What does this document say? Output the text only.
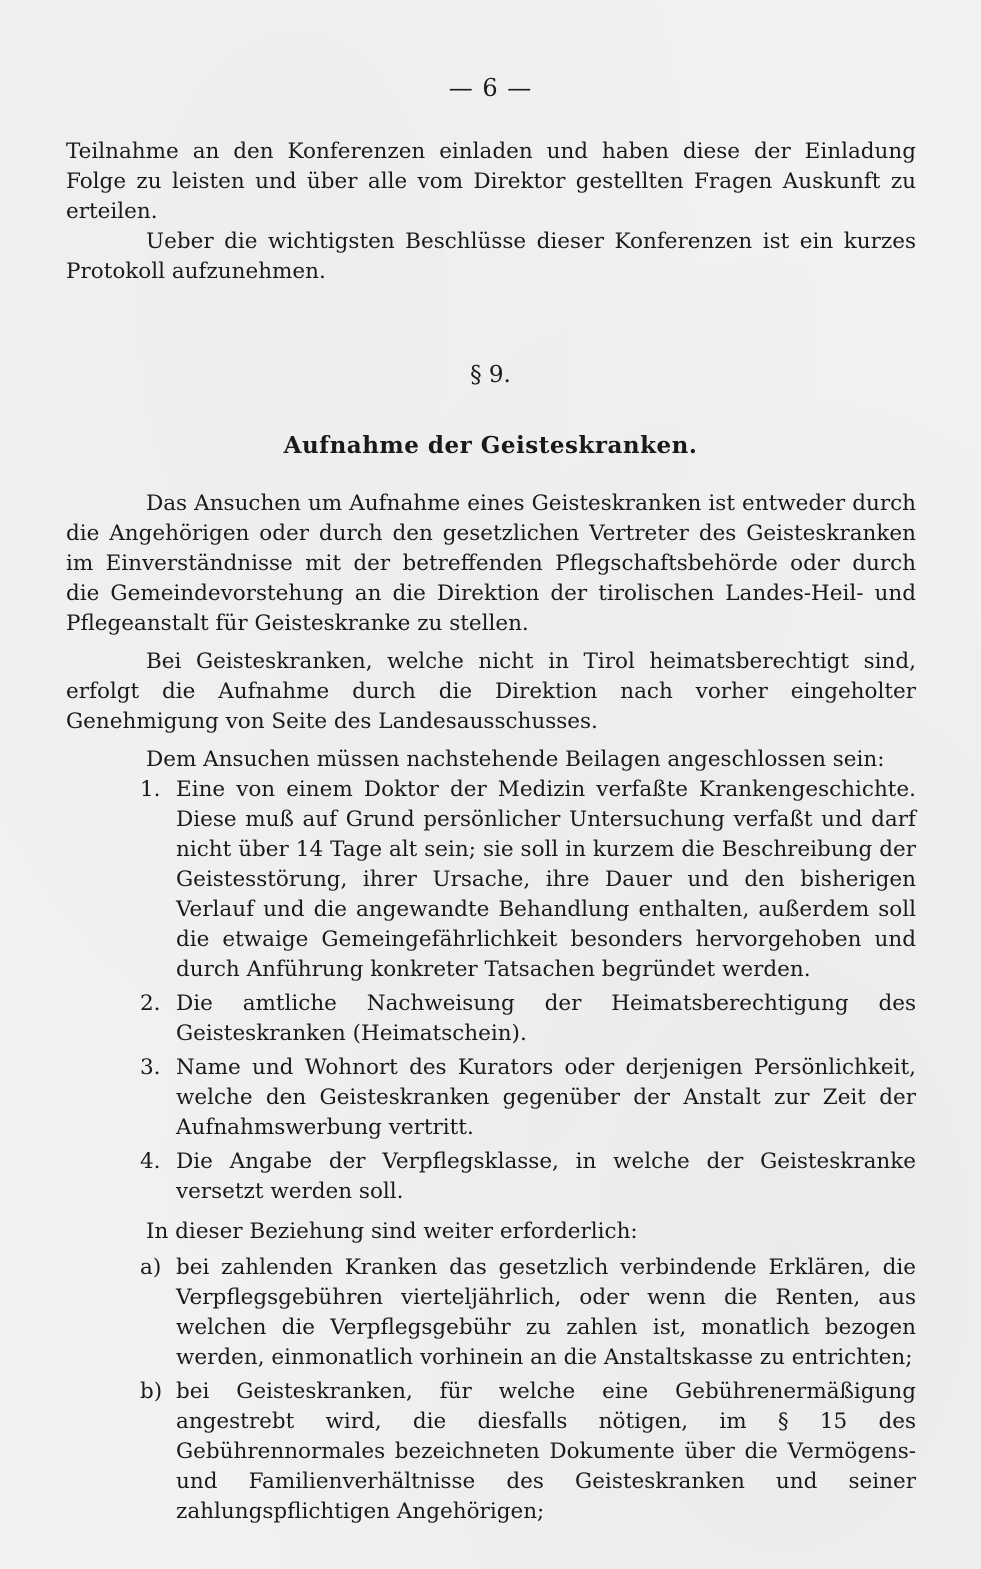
— 6 —

Teilnahme an den Konferenzen einladen und haben diese der Einladung Folge zu leisten und über alle vom Direktor gestellten Fragen Auskunft zu erteilen.

Ueber die wichtigsten Beschlüsse dieser Konferenzen ist ein kurzes Protokoll aufzunehmen.

§ 9.
Aufnahme der Geisteskranken.

Das Ansuchen um Aufnahme eines Geisteskranken ist entweder durch die Angehörigen oder durch den gesetzlichen Vertreter des Geisteskranken im Einverständnisse mit der betreffenden Pflegschaftsbehörde oder durch die Gemeindevorstehung an die Direktion der tirolischen Landes-Heil- und Pflegeanstalt für Geisteskranke zu stellen.

Bei Geisteskranken, welche nicht in Tirol heimatsberechtigt sind, erfolgt die Aufnahme durch die Direktion nach vorher eingeholter Genehmigung von Seite des Landesausschusses.

Dem Ansuchen müssen nachstehende Beilagen angeschlossen sein:

1. Eine von einem Doktor der Medizin verfaßte Krankengeschichte. Diese muß auf Grund persönlicher Untersuchung verfaßt und darf nicht über 14 Tage alt sein; sie soll in kurzem die Beschreibung der Geistesstörung, ihrer Ursache, ihre Dauer und den bisherigen Verlauf und die angewandte Behandlung enthalten, außerdem soll die etwaige Gemeingefährlichkeit besonders hervorgehoben und durch Anführung konkreter Tatsachen begründet werden.
2. Die amtliche Nachweisung der Heimatsberechtigung des Geisteskranken (Heimatschein).
3. Name und Wohnort des Kurators oder derjenigen Persönlichkeit, welche den Geisteskranken gegenüber der Anstalt zur Zeit der Aufnahmswerbung vertritt.
4. Die Angabe der Verpflegsklasse, in welche der Geisteskranke versetzt werden soll.

In dieser Beziehung sind weiter erforderlich:

a) bei zahlenden Kranken das gesetzlich verbindende Erklären, die Verpflegsgebühren vierteljährlich, oder wenn die Renten, aus welchen die Verpflegsgebühr zu zahlen ist, monatlich bezogen werden, einmonatlich vorhinein an die Anstaltskasse zu entrichten;
b) bei Geisteskranken, für welche eine Gebührenermäßigung angestrebt wird, die diesfalls nötigen, im § 15 des Gebührennormales bezeichneten Dokumente über die Vermögens- und Familienverhältnisse des Geisteskranken und seiner zahlungspflichtigen Angehörigen;
